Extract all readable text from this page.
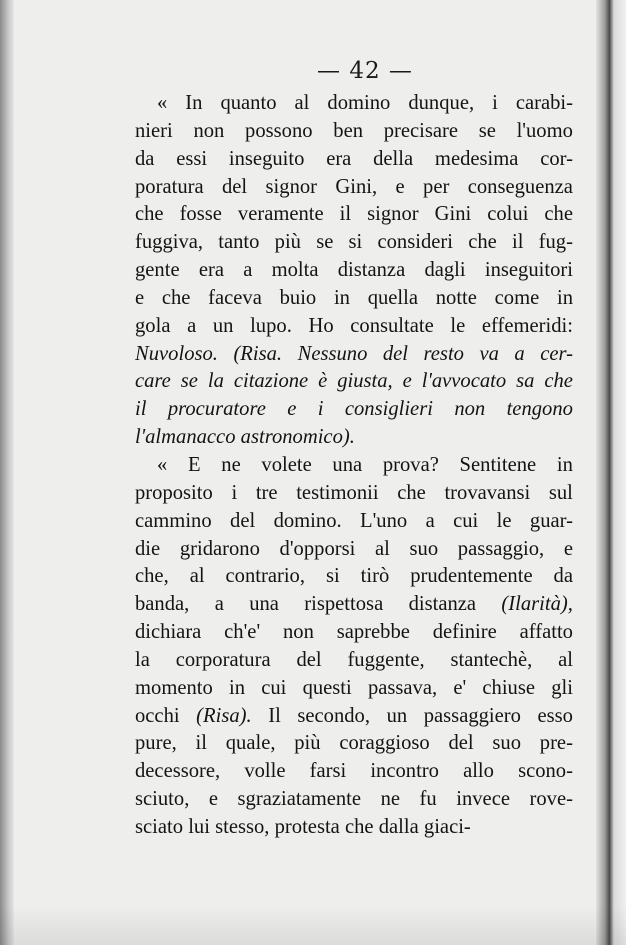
— 42 —
« In quanto al domino dunque, i carabi-
nieri non possono ben precisare se l'uomo
da essi inseguito era della medesima cor-
poratura del signor Gini, e per conseguenza
che fosse veramente il signor Gini colui che
fuggiva, tanto più se si consideri che il fug-
gente era a molta distanza dagli inseguitori
e che faceva buio in quella notte come in
gola a un lupo. Ho consultate le effemeridi:
Nuvoloso. (Risa. Nessuno del resto va a cer-
care se la citazione è giusta, e l'avvocato sa che
il procuratore e i consiglieri non tengono
l'almanacco
astronomico).
« E ne volete una prova? Sentitene in
proposito i tre testimonii che trovavansi sul
cammino del domino. L'uno a cui le guar-
die gridarono d'opporsi al suo passaggio, e
che, al contrario, si tirò prudentemente da
banda, a una rispettosa distanza (Ilarità),
dichiara ch'e' non saprebbe definire affatto
la corporatura del fuggente, stantechè, al
momento in cui questi passava, e' chiuse gli
occhi (Risa). Il secondo, un passaggiero esso
pure, il quale, più coraggioso del suo pre-
decessore, volle farsi incontro allo scono-
sciuto, e sgraziatamente ne fu invece rove-
sciato
lui
stesso,
protesta
che
dalla
giaci-
